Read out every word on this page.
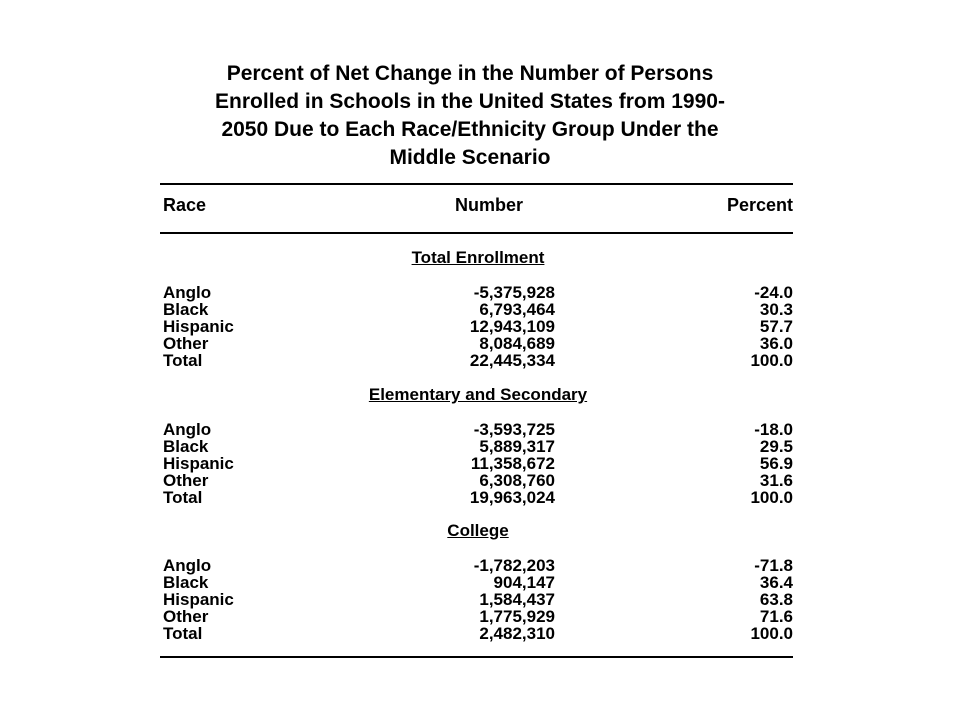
Percent of Net Change in the Number of Persons
Enrolled in Schools in the United States from 1990-
2050 Due to Each Race/Ethnicity Group Under the
Middle Scenario
Race	Number	Percent
Total Enrollment
Anglo	-5,375,928	-24.0
Black	6,793,464	30.3
Hispanic	12,943,109	57.7
Other	8,084,689	36.0
Total	22,445,334	100.0
Elementary and Secondary
Anglo	-3,593,725	-18.0
Black	5,889,317	29.5
Hispanic	11,358,672	56.9
Other	6,308,760	31.6
Total	19,963,024	100.0
College
Anglo	-1,782,203	-71.8
Black	904,147	36.4
Hispanic	1,584,437	63.8
Other	1,775,929	71.6
Total	2,482,310	100.0
